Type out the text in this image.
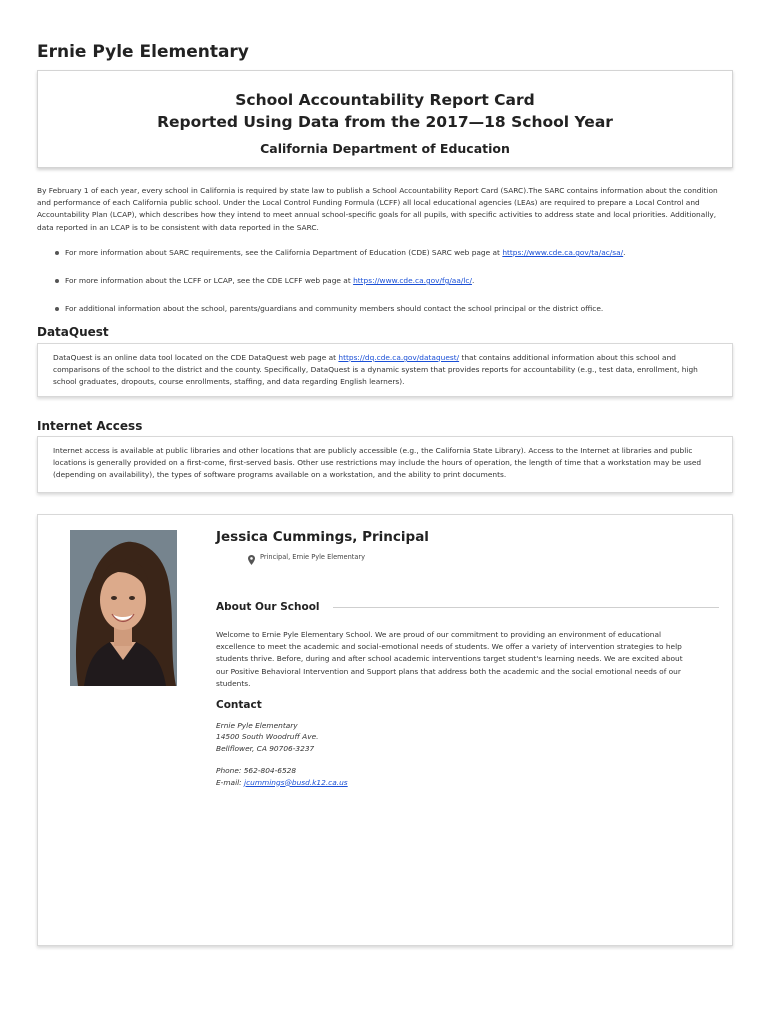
Ernie Pyle Elementary
School Accountability Report Card
Reported Using Data from the 2017—18 School Year
California Department of Education

By February 1 of each year, every school in California is required by state law to publish a School Accountability Report Card (SARC).The SARC contains information about the condition and performance of each California public school. Under the Local Control Funding Formula (LCFF) all local educational agencies (LEAs) are required to prepare a Local Control and Accountability Plan (LCAP), which describes how they intend to meet annual school-specific goals for all pupils, with specific activities to address state and local priorities. Additionally, data reported in an LCAP is to be consistent with data reported in the SARC.

For more information about SARC requirements, see the California Department of Education (CDE) SARC web page at https://www.cde.ca.gov/ta/ac/sa/.
For more information about the LCFF or LCAP, see the CDE LCFF web page at https://www.cde.ca.gov/fg/aa/lc/.
For additional information about the school, parents/guardians and community members should contact the school principal or the district office.
DataQuest

DataQuest is an online data tool located on the CDE DataQuest web page at https://dq.cde.ca.gov/dataquest/ that contains additional information about this school and comparisons of the school to the district and the county. Specifically, DataQuest is a dynamic system that provides reports for accountability (e.g., test data, enrollment, high school graduates, dropouts, course enrollments, staffing, and data regarding English learners).

Internet Access

Internet access is available at public libraries and other locations that are publicly accessible (e.g., the California State Library). Access to the Internet at libraries and public locations is generally provided on a first-come, first-served basis. Other use restrictions may include the hours of operation, the length of time that a workstation may be used (depending on availability), the types of software programs available on a workstation, and the ability to print documents.

Jessica Cummings, Principal
Principal, Ernie Pyle Elementary
About Our School

Welcome to Ernie Pyle Elementary School. We are proud of our commitment to providing an environment of educational excellence to meet the academic and social-emotional needs of students. We offer a variety of intervention strategies to help students thrive. Before, during and after school academic interventions target student's learning needs. We are excited about our Positive Behavioral Intervention and Support plans that address both the academic and the social emotional needs of our students.

Contact
Ernie Pyle Elementary
14500 South Woodruff Ave.
Bellflower, CA 90706-3237
Phone: 562-804-6528
E-mail: jcummings@busd.k12.ca.us
